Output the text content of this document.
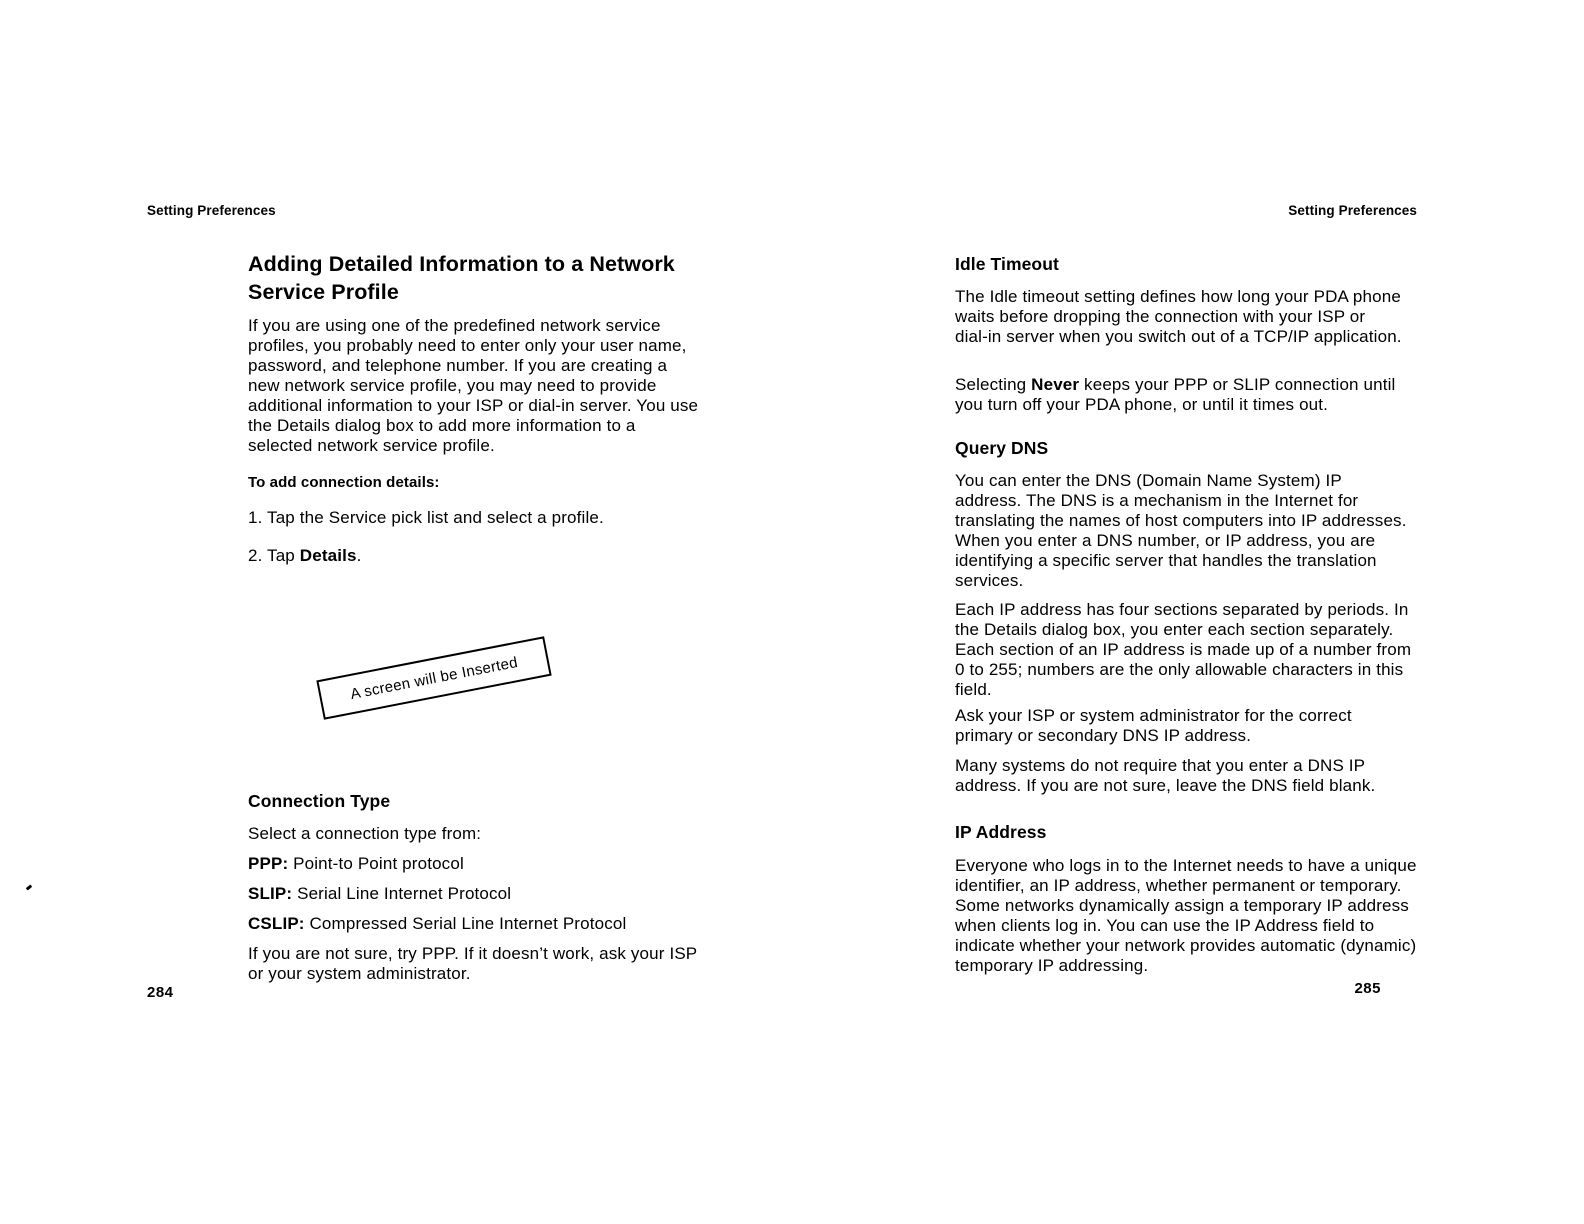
Setting Preferences
Adding Detailed Information to a Network Service Profile
If you are using one of the predefined network service profiles, you probably need to enter only your user name, password, and telephone number. If you are creating a new network service profile, you may need to provide additional information to your ISP or dial-in server. You use the Details dialog box to add more information to a selected network service profile.
To add connection details:
1. Tap the Service pick list and select a profile.
2. Tap Details.
A screen will be Inserted
Connection Type
Select a connection type from:
PPP: Point-to Point protocol
SLIP: Serial Line Internet Protocol
CSLIP: Compressed Serial Line Internet Protocol
If you are not sure, try PPP. If it doesn’t work, ask your ISP or your system administrator.
284
Setting Preferences
Idle Timeout
The Idle timeout setting defines how long your PDA phone waits before dropping the connection with your ISP or dial-in server when you switch out of a TCP/IP application.
Selecting Never keeps your PPP or SLIP connection until you turn off your PDA phone, or until it times out.
Query DNS
You can enter the DNS (Domain Name System) IP address. The DNS is a mechanism in the Internet for translating the names of host computers into IP addresses. When you enter a DNS number, or IP address, you are identifying a specific server that handles the translation services.
Each IP address has four sections separated by periods. In the Details dialog box, you enter each section separately. Each section of an IP address is made up of a number from 0 to 255; numbers are the only allowable characters in this field.
Ask your ISP or system administrator for the correct primary or secondary DNS IP address.
Many systems do not require that you enter a DNS IP address. If you are not sure, leave the DNS field blank.
IP Address
Everyone who logs in to the Internet needs to have a unique identifier, an IP address, whether permanent or temporary. Some networks dynamically assign a temporary IP address when clients log in. You can use the IP Address field to indicate whether your network provides automatic (dynamic) temporary IP addressing.
285
